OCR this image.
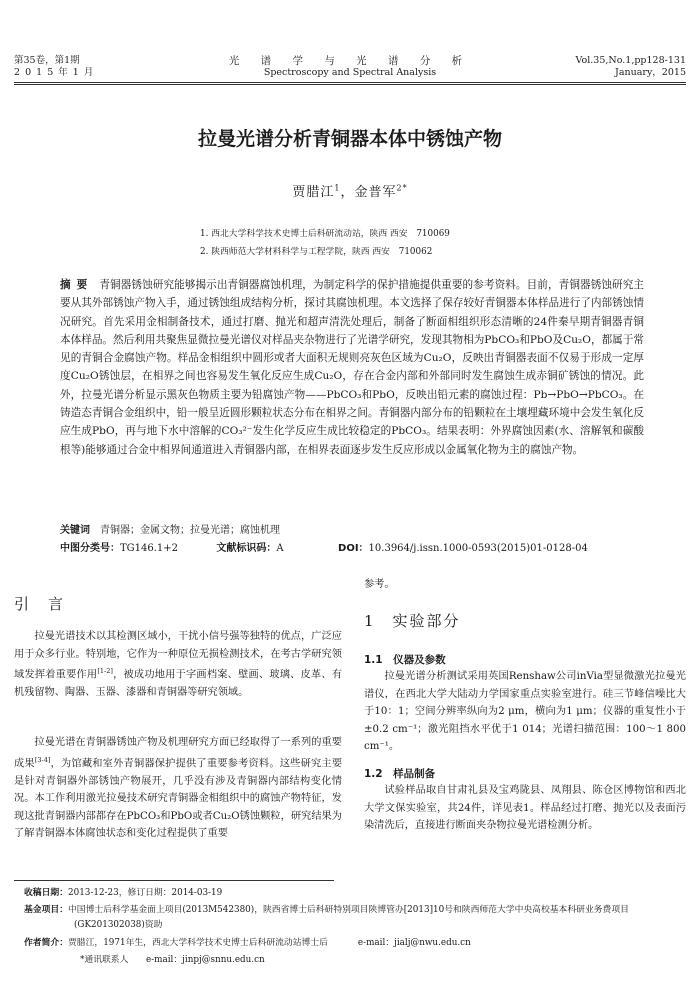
第35卷，第1期
2 0 1 5 年 1 月
光 谱 学 与 光 谱 分 析
Spectroscopy and Spectral Analysis
Vol.35,No.1,pp128-131
January，2015
拉曼光谱分析青铜器本体中锈蚀产物
贾腊江$^1$，金普军$^{2*}$
1. 西北大学科学技术史博士后科研流动站，陕西 西安　710069
2. 陕西师范大学材料科学与工程学院，陕西 西安　710062
摘要 青铜器锈蚀研究能够揭示出青铜器腐蚀机理，为制定科学的保护措施提供重要的参考资料。目前，青铜器锈蚀研究主要从其外部锈蚀产物入手，通过锈蚀组成结构分析，探讨其腐蚀机理。本文选择了保存较好青铜器本体样品进行了内部锈蚀情况研究。首先采用金相制备技术，通过打磨、抛光和超声清洗处理后，制备了断面相组织形态清晰的24件秦早期青铜器青铜本体样品。然后利用共聚焦显微拉曼光谱仪对样品夹杂物进行了光谱学研究，发现其物相为PbCO₃和PbO及Cu₂O，都属于常见的青铜合金腐蚀产物。样品金相组织中圆形或者大面积无规则亮灰色区域为Cu₂O，反映出青铜器表面不仅易于形成一定厚度Cu₂O锈蚀层，在相界之间也容易发生氧化反应生成Cu₂O，存在合金内部和外部同时发生腐蚀生成赤铜矿锈蚀的情况。此外，拉曼光谱分析显示黑灰色物质主要为铅腐蚀产物——PbCO₃和PbO，反映出铅元素的腐蚀过程：Pb→PbO→PbCO₃。在铸造态青铜合金组织中，铅一般呈近圆形颗粒状态分布在相界之间。青铜器内部分布的铅颗粒在土壤埋藏环境中会发生氧化反应生成PbO，再与地下水中溶解的CO₃²⁻发生化学反应生成比较稳定的PbCO₃。结果表明：外界腐蚀因素(水、溶解氧和碳酸根等)能够通过合金中相界间通道进入青铜器内部，在相界表面逐步发生反应形成以金属氧化物为主的腐蚀产物。
关键词　 青铜器；金属文物；拉曼光谱；腐蚀机理
中图分类号：TG146.1+2	文献标识码：A	DOI：10.3964/j.issn.1000-0593(2015)01-0128-04
引　言
拉曼光谱技术以其检测区域小，干扰小信号强等独特的优点，广泛应用于众多行业。特别地，它作为一种原位无损检测技术，在考古学研究领域发挥着重要作用[1-2]，被成功地用于字画档案、壁画、玻璃、皮革、有机残留物、陶器、玉器、漆器和青铜器等研究领域。
拉曼光谱在青铜器锈蚀产物及机理研究方面已经取得了一系列的重要成果[3-4]，为馆藏和室外青铜器保护提供了重要参考资料。这些研究主要是针对青铜器外部锈蚀产物展开，几乎没有涉及青铜器内部结构变化情况。本工作利用激光拉曼技术研究青铜器金相组织中的腐蚀产物特征，发现这批青铜器内部都存在PbCO₃和PbO或者Cu₂O锈蚀颗粒，研究结果为了解青铜器本体腐蚀状态和变化过程提供了重要
参考。
1　实验部分
1.1　仪器及参数
拉曼光谱分析测试采用英国Renshaw公司inVia型显微激光拉曼光谱仪，在西北大学大陆动力学国家重点实验室进行。硅三节峰信噪比大于10：1；空间分辨率纵向为2 μm，横向为1 μm；仪器的重复性小于±0.2 cm⁻¹；激光阻挡水平优于1 014；光谱扫描范围：100～1 800 cm⁻¹。
1.2　样品制备
试验样品取自甘肃礼县及宝鸡陇县、凤翔县、陈仓区博物馆和西北大学文保实验室，共24件，详见表1。样品经过打磨、抛光以及表面污染清洗后，直接进行断面夹杂物拉曼光谱检测分析。
收稿日期：2013-12-23，修订日期：2014-03-19
基金项目：中国博士后科学基金面上项目(2013M542380)，陕西省博士后科研特别项目陕博管办[2013]10号和陕西师范大学中央高校基本科研业务费项目(GK201302038)资助
作者简介：贾腊江，1971年生，西北大学科学技术史博士后科研流动站博士后	e-mail：jialj@nwu.edu.cn
*通讯联系人　　e-mail：jinpj@snnu.edu.cn
